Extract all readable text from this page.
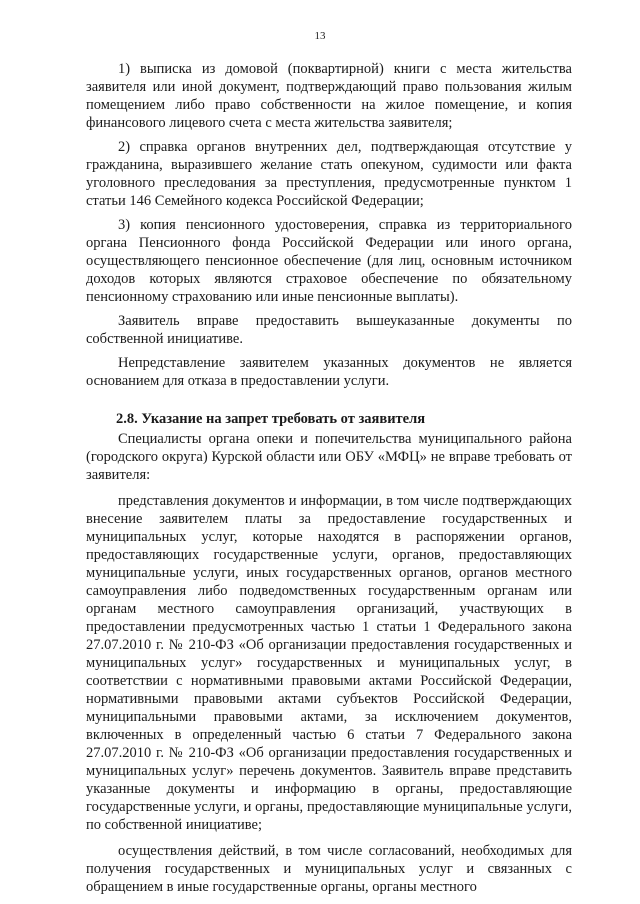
13

1) выписка из домовой (поквартирной) книги с места жительства заявителя или иной документ, подтверждающий право пользования жилым помещением либо право собственности на жилое помещение, и копия финансового лицевого счета с места жительства заявителя;

2) справка органов внутренних дел, подтверждающая отсутствие у гражданина, выразившего желание стать опекуном, судимости или факта уголовного преследования за преступления, предусмотренные пунктом 1 статьи 146 Семейного кодекса Российской Федерации;

3) копия пенсионного удостоверения, справка из территориального органа Пенсионного фонда Российской Федерации или иного органа, осуществляющего пенсионное обеспечение (для лиц, основным источником доходов которых являются страховое обеспечение по обязательному пенсионному страхованию или иные пенсионные выплаты).

Заявитель вправе предоставить вышеуказанные документы по собственной инициативе.

Непредставление заявителем указанных документов не является основанием для отказа в предоставлении услуги.

2.8. Указание на запрет требовать от заявителя

Специалисты органа опеки и попечительства муниципального района (городского округа) Курской области или ОБУ «МФЦ» не вправе требовать от заявителя:

представления документов и информации, в том числе подтверждающих внесение заявителем платы за предоставление государственных и муниципальных услуг, которые находятся в распоряжении органов, предоставляющих государственные услуги, органов, предоставляющих муниципальные услуги, иных государственных органов, органов местного самоуправления либо подведомственных государственным органам или органам местного самоуправления организаций, участвующих в предоставлении предусмотренных частью 1 статьи 1 Федерального закона 27.07.2010 г. № 210-ФЗ «Об организации предоставления государственных и муниципальных услуг» государственных и муниципальных услуг, в соответствии с нормативными правовыми актами Российской Федерации, нормативными правовыми актами субъектов Российской Федерации, муниципальными правовыми актами, за исключением документов, включенных в определенный частью 6 статьи 7 Федерального закона 27.07.2010 г. № 210-ФЗ «Об организации предоставления государственных и муниципальных услуг» перечень документов. Заявитель вправе представить указанные документы и информацию в органы, предоставляющие государственные услуги, и органы, предоставляющие муниципальные услуги, по собственной инициативе;

осуществления действий, в том числе согласований, необходимых для получения государственных и муниципальных услуг и связанных с обращением в иные государственные органы, органы местного
